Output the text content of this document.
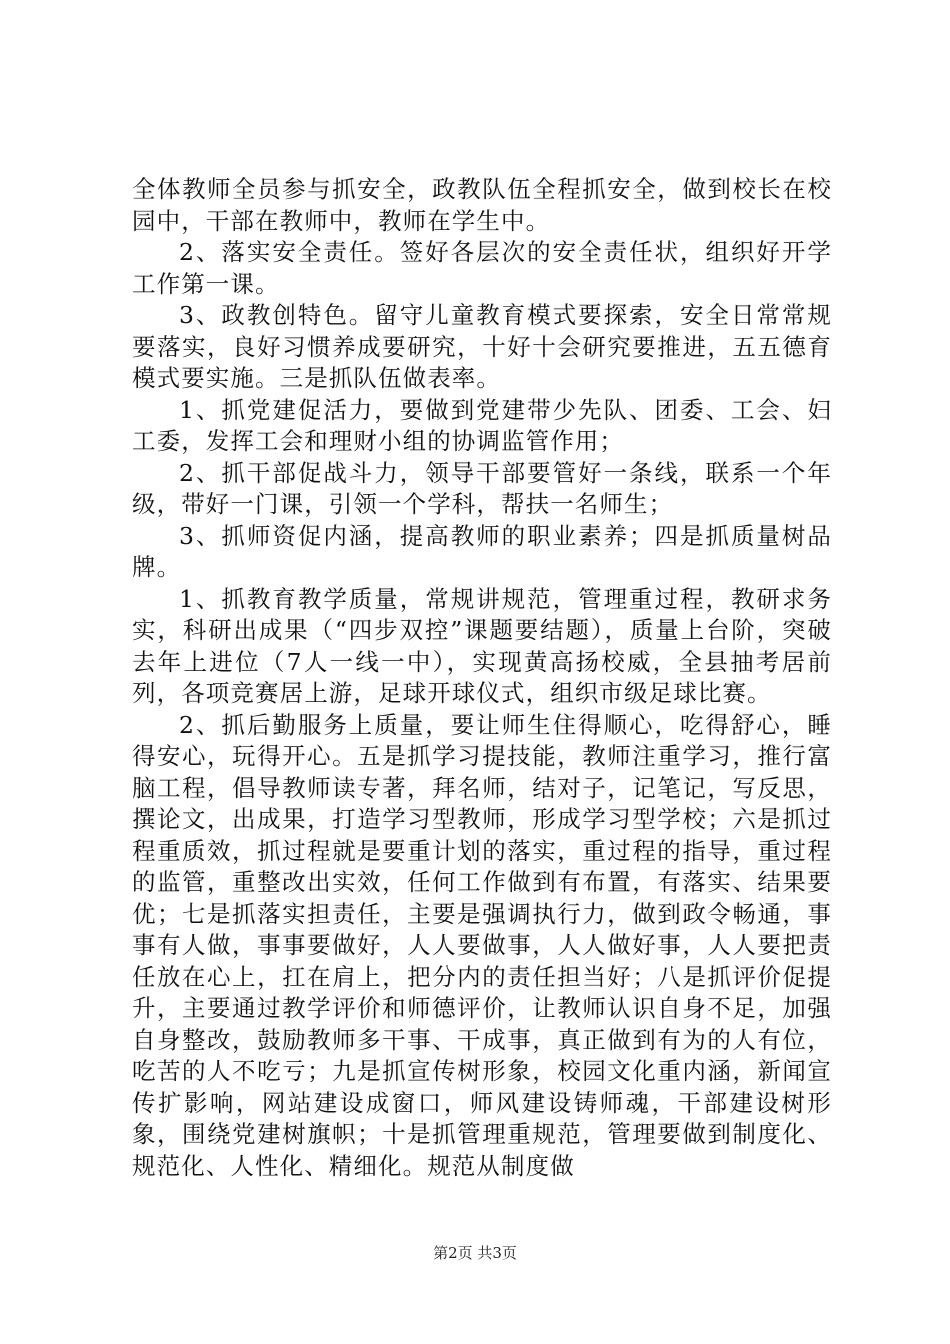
全体教师全员参与抓安全，政教队伍全程抓安全，做到校长在校园中，干部在教师中，教师在学生中。

2、落实安全责任。签好各层次的安全责任状，组织好开学工作第一课。

3、政教创特色。留守儿童教育模式要探索，安全日常常规要落实，良好习惯养成要研究，十好十会研究要推进，五五德育模式要实施。三是抓队伍做表率。

1、抓党建促活力，要做到党建带少先队、团委、工会、妇工委，发挥工会和理财小组的协调监管作用；

2、抓干部促战斗力，领导干部要管好一条线，联系一个年级，带好一门课，引领一个学科，帮扶一名师生；

3、抓师资促内涵，提高教师的职业素养；四是抓质量树品牌。

1、抓教育教学质量，常规讲规范，管理重过程，教研求务实，科研出成果（“四步双控”课题要结题），质量上台阶，突破去年上进位（7人一线一中），实现黄高扬校威，全县抽考居前列，各项竞赛居上游，足球开球仪式，组织市级足球比赛。

2、抓后勤服务上质量，要让师生住得顺心，吃得舒心，睡得安心，玩得开心。五是抓学习提技能，教师注重学习，推行富脑工程，倡导教师读专著，拜名师，结对子，记笔记，写反思，撰论文，出成果，打造学习型教师，形成学习型学校；六是抓过程重质效，抓过程就是要重计划的落实，重过程的指导，重过程的监管，重整改出实效，任何工作做到有布置，有落实、结果要优；七是抓落实担责任，主要是强调执行力，做到政令畅通，事事有人做，事事要做好，人人要做事，人人做好事，人人要把责任放在心上，扛在肩上，把分内的责任担当好；八是抓评价促提升，主要通过教学评价和师德评价，让教师认识自身不足，加强自身整改，鼓励教师多干事、干成事，真正做到有为的人有位，吃苦的人不吃亏；九是抓宣传树形象，校园文化重内涵，新闻宣传扩影响，网站建设成窗口，师风建设铸师魂，干部建设树形象，围绕党建树旗帜；十是抓管理重规范，管理要做到制度化、规范化、人性化、精细化。规范从制度做

第2页 共3页
